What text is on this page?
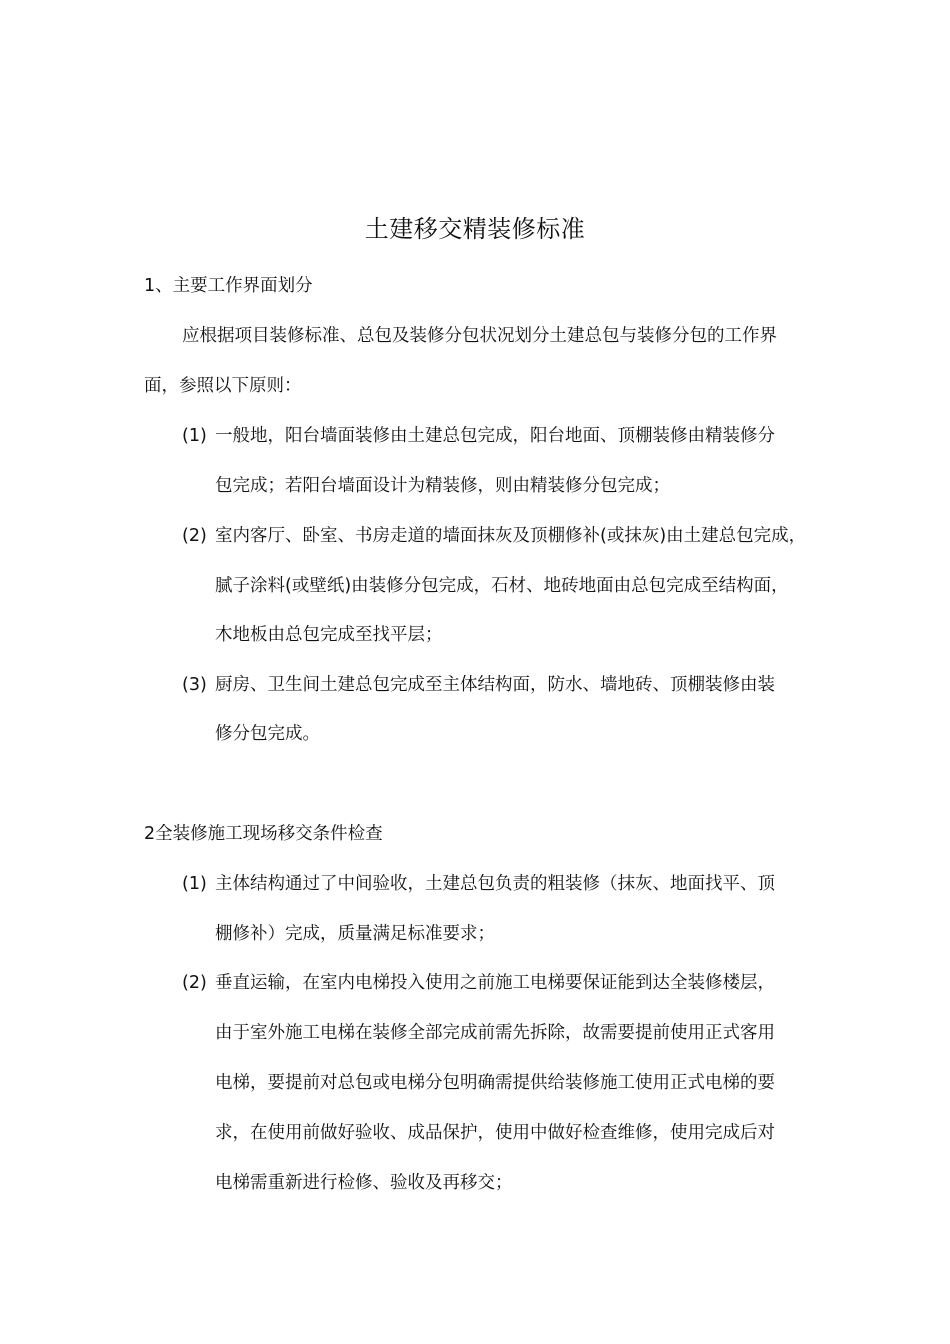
土建移交精装修标准
1、主要工作界面划分
应根据项目装修标准、总包及装修分包状况划分土建总包与装修分包的工作界
面，参照以下原则：
(1) 一般地，阳台墙面装修由土建总包完成，阳台地面、顶棚装修由精装修分
包完成；若阳台墙面设计为精装修，则由精装修分包完成；
(2) 室内客厅、卧室、书房走道的墙面抹灰及顶棚修补(或抹灰)由土建总包完成，
腻子涂料(或壁纸)由装修分包完成，石材、地砖地面由总包完成至结构面，
木地板由总包完成至找平层；
(3) 厨房、卫生间土建总包完成至主体结构面，防水、墙地砖、顶棚装修由装
修分包完成。
2全装修施工现场移交条件检查
(1) 主体结构通过了中间验收，土建总包负责的粗装修（抹灰、地面找平、顶
棚修补）完成，质量满足标准要求；
(2) 垂直运输，在室内电梯投入使用之前施工电梯要保证能到达全装修楼层，
由于室外施工电梯在装修全部完成前需先拆除，故需要提前使用正式客用
电梯，要提前对总包或电梯分包明确需提供给装修施工使用正式电梯的要
求，在使用前做好验收、成品保护，使用中做好检查维修，使用完成后对
电梯需重新进行检修、验收及再移交；
